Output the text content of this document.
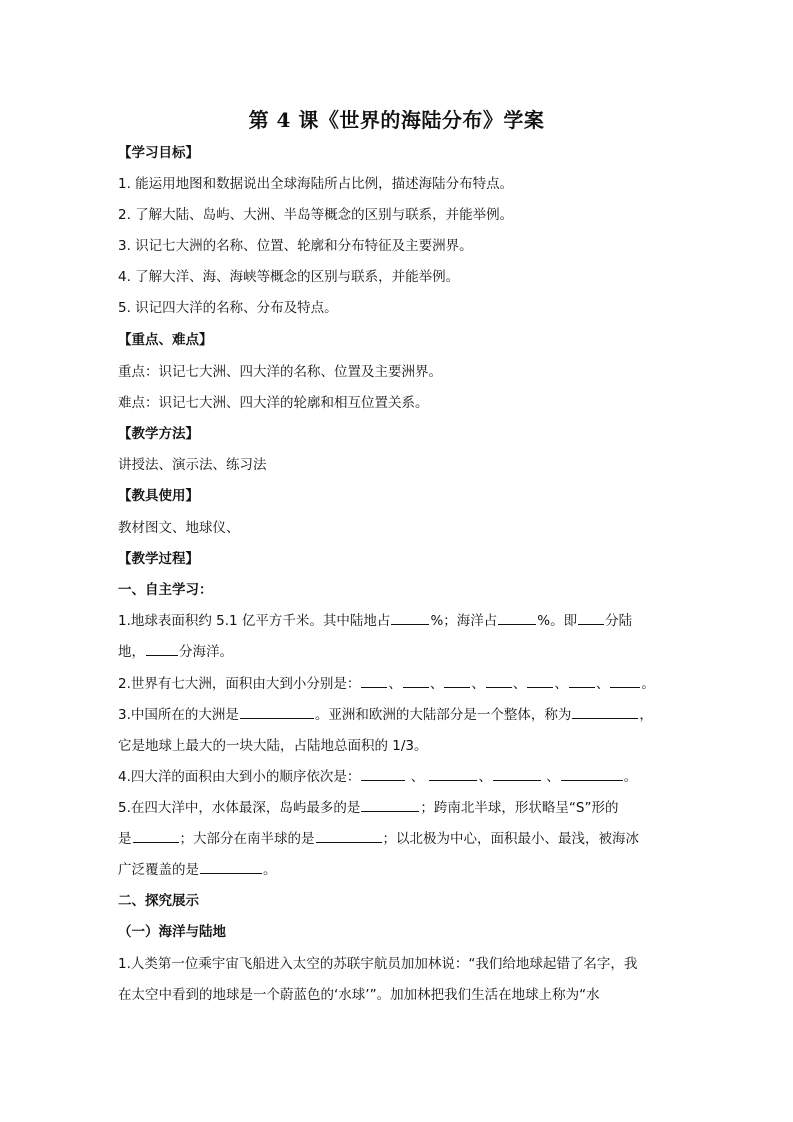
第 4 课《世界的海陆分布》学案
【学习目标】
1. 能运用地图和数据说出全球海陆所占比例，描述海陆分布特点。
2. 了解大陆、岛屿、大洲、半岛等概念的区别与联系，并能举例。
3. 识记七大洲的名称、位置、轮廓和分布特征及主要洲界。
4. 了解大洋、海、海峡等概念的区别与联系，并能举例。
5. 识记四大洋的名称、分布及特点。
【重点、难点】
重点：识记七大洲、四大洋的名称、位置及主要洲界。
难点：识记七大洲、四大洋的轮廓和相互位置关系。
【教学方法】
讲授法、演示法、练习法
【教具使用】
教材图文、地球仪、
【教学过程】
一、自主学习：
1.地球表面积约 5.1 亿平方千米。其中陆地占	%；海洋占	%。即 分陆
地，	分海洋。
2.世界有七大洲，面积由大到小分别是： 、 、 、 、 、 、 。
3.中国所在的大洲是	。亚洲和欧洲的大陆部分是一个整体，称为	，
它是地球上最大的一块大陆，占陆地总面积的 1/3。
4.四大洋的面积由大到小的顺序依次是：	、	、	、	。
5.在四大洋中，水体最深，岛屿最多的是	；跨南北半球，形状略呈“S”形的
是	；大部分在南半球的是	；以北极为中心，面积最小、最浅，被海冰
广泛覆盖的是	。
二、探究展示
（一）海洋与陆地
1.人类第一位乘宇宙飞船进入太空的苏联宇航员加加林说：“我们给地球起错了名字，我
在太空中看到的地球是一个蔚蓝色的‘水球’”。加加林把我们生活在地球上称为“水
